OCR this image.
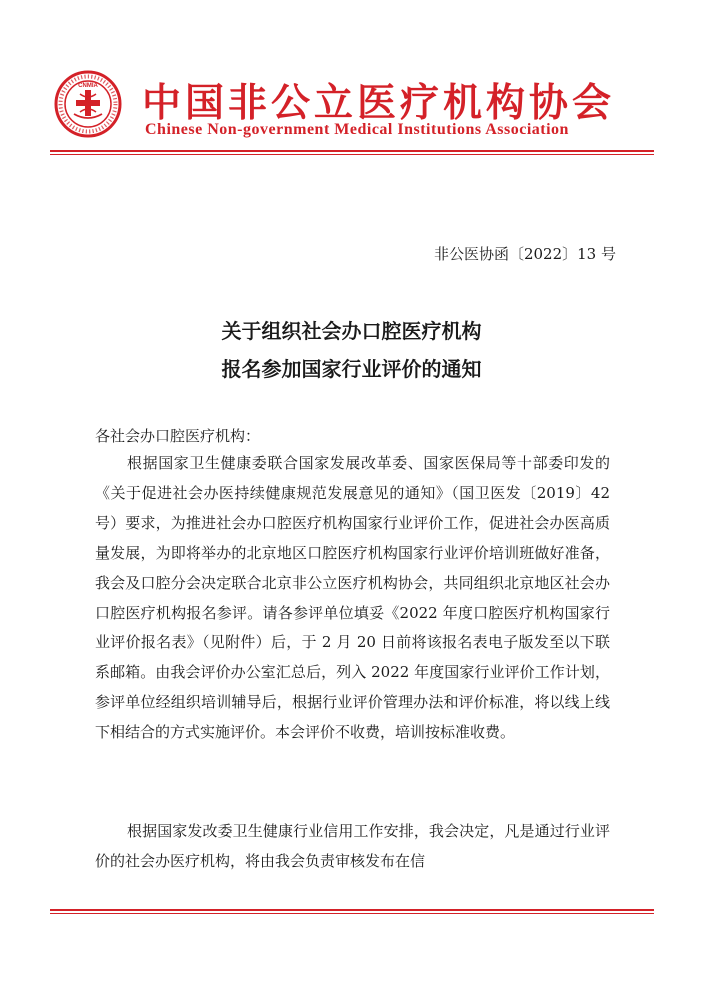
CNMIA 中国非公立医疗机构协会
Chinese Non-government Medical Institutions Association
非公医协函〔2022〕13 号
关于组织社会办口腔医疗机构
报名参加国家行业评价的通知
各社会办口腔医疗机构：

根据国家卫生健康委联合国家发展改革委、国家医保局等十部委印发的《关于促进社会办医持续健康规范发展意见的通知》（国卫医发〔2019〕42 号）要求，为推进社会办口腔医疗机构国家行业评价工作，促进社会办医高质量发展，为即将举办的北京地区口腔医疗机构国家行业评价培训班做好准备，我会及口腔分会决定联合北京非公立医疗机构协会，共同组织北京地区社会办口腔医疗机构报名参评。请各参评单位填妥《2022 年度口腔医疗机构国家行业评价报名表》（见附件）后，于 2 月 20 日前将该报名表电子版发至以下联系邮箱。由我会评价办公室汇总后，列入 2022 年度国家行业评价工作计划，参评单位经组织培训辅导后，根据行业评价管理办法和评价标准，将以线上线下相结合的方式实施评价。本会评价不收费，培训按标准收费。

根据国家发改委卫生健康行业信用工作安排，我会决定，凡是通过行业评价的社会办医疗机构，将由我会负责审核发布在信
